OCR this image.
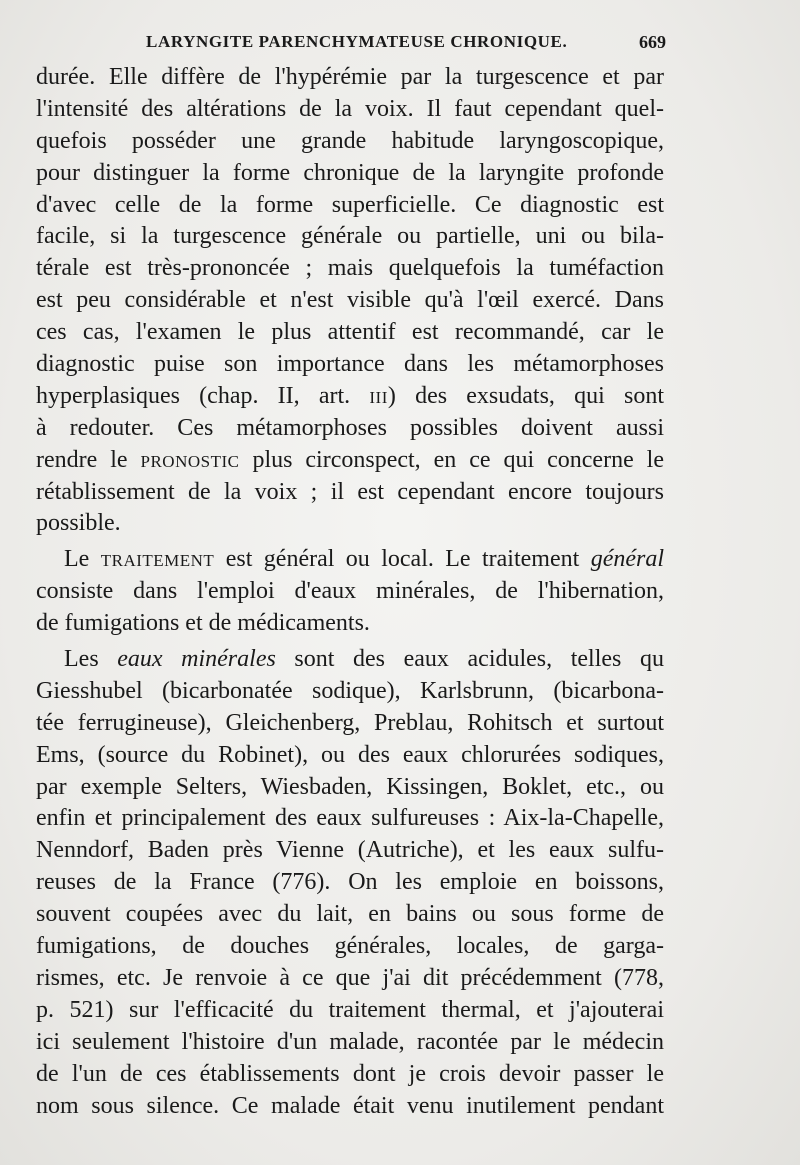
LARYNGITE PARENCHYMATEUSE CHRONIQUE.	669
durée. Elle diffère de l'hypérémie par la turgescence et par
l'intensité des altérations de la voix. Il faut cependant quel-
quefois posséder une grande habitude laryngoscopique,
pour distinguer la forme chronique de la laryngite profonde
d'avec celle de la forme superficielle. Ce diagnostic est
facile, si la turgescence générale ou partielle, uni ou bila-
térale est très-prononcée ; mais quelquefois la tuméfaction
est peu considérable et n'est visible qu'à l'œil exercé. Dans
ces cas, l'examen le plus attentif est recommandé, car le
diagnostic puise son importance dans les métamorphoses
hyperplasiques (chap. II, art. iii) des exsudats, qui sont
à redouter. Ces métamorphoses possibles doivent aussi
rendre le pronostic plus circonspect, en ce qui concerne le
rétablissement de la voix ; il est cependant encore toujours
possible.
Le traitement est général ou local. Le traitement général
consiste dans l'emploi d'eaux minérales, de l'hibernation,
de fumigations et de médicaments.
Les eaux minérales sont des eaux acidules, telles qu
Giesshubel (bicarbonatée sodique), Karlsbrunn, (bicarbona-
tée ferrugineuse), Gleichenberg, Preblau, Rohitsch et surtout
Ems, (source du Robinet), ou des eaux chlorurées sodiques,
par exemple Selters, Wiesbaden, Kissingen, Boklet, etc., ou
enfin et principalement des eaux sulfureuses : Aix-la-Chapelle,
Nenndorf, Baden près Vienne (Autriche), et les eaux sulfu-
reuses de la France (776). On les emploie en boissons,
souvent coupées avec du lait, en bains ou sous forme de
fumigations, de douches générales, locales, de garga-
rismes, etc. Je renvoie à ce que j'ai dit précédemment (778,
p. 521) sur l'efficacité du traitement thermal, et j'ajouterai
ici seulement l'histoire d'un malade, racontée par le médecin
de l'un de ces établissements dont je crois devoir passer le
nom sous silence. Ce malade était venu inutilement pendant
